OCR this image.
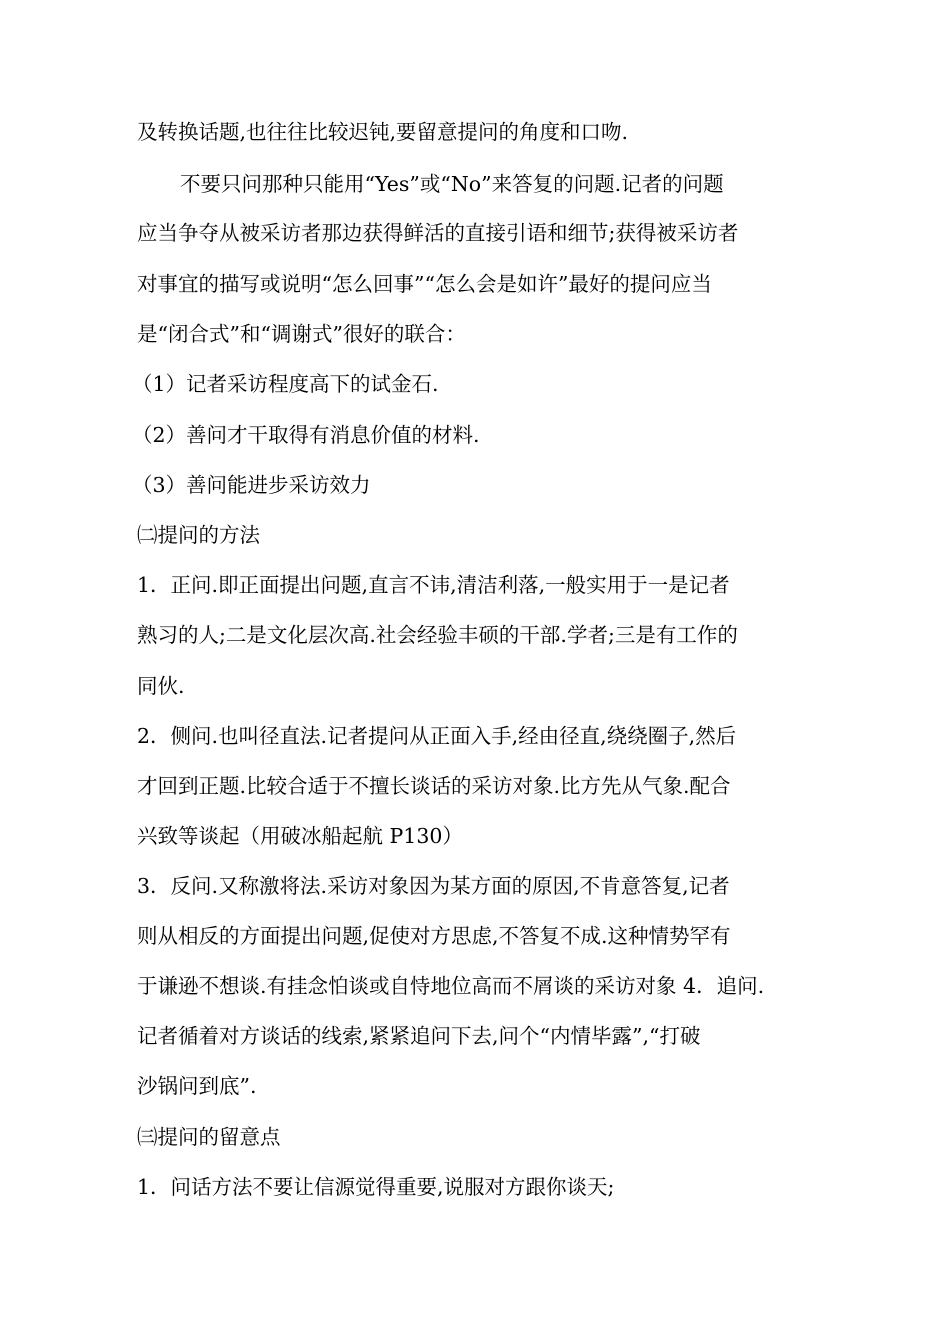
及转换话题,也往往比较迟钝,要留意提问的角度和口吻.
不要只问那种只能用“Yes”或“No”来答复的问题.记者的问题
应当争夺从被采访者那边获得鲜活的直接引语和细节;获得被采访者
对事宜的描写或说明“怎么回事”“怎么会是如许”最好的提问应当
是“闭合式”和“调谢式”很好的联合：
（1）记者采访程度高下的试金石.
（2）善问才干取得有消息价值的材料.
（3）善问能进步采访效力
㈡提问的方法
1．正问.即正面提出问题,直言不讳,清洁利落,一般实用于一是记者
熟习的人;二是文化层次高.社会经验丰硕的干部.学者;三是有工作的
同伙.
2．侧问.也叫径直法.记者提问从正面入手,经由径直,绕绕圈子,然后
才回到正题.比较合适于不擅长谈话的采访对象.比方先从气象.配合
兴致等谈起（用破冰船起航 P130）
3．反问.又称激将法.采访对象因为某方面的原因,不肯意答复,记者
则从相反的方面提出问题,促使对方思虑,不答复不成.这种情势罕有
于谦逊不想谈.有挂念怕谈或自恃地位高而不屑谈的采访对象 4．追问.
记者循着对方谈话的线索,紧紧追问下去,问个“内情毕露”,“打破
沙锅问到底”.
㈢提问的留意点
1．问话方法不要让信源觉得重要,说服对方跟你谈天;
